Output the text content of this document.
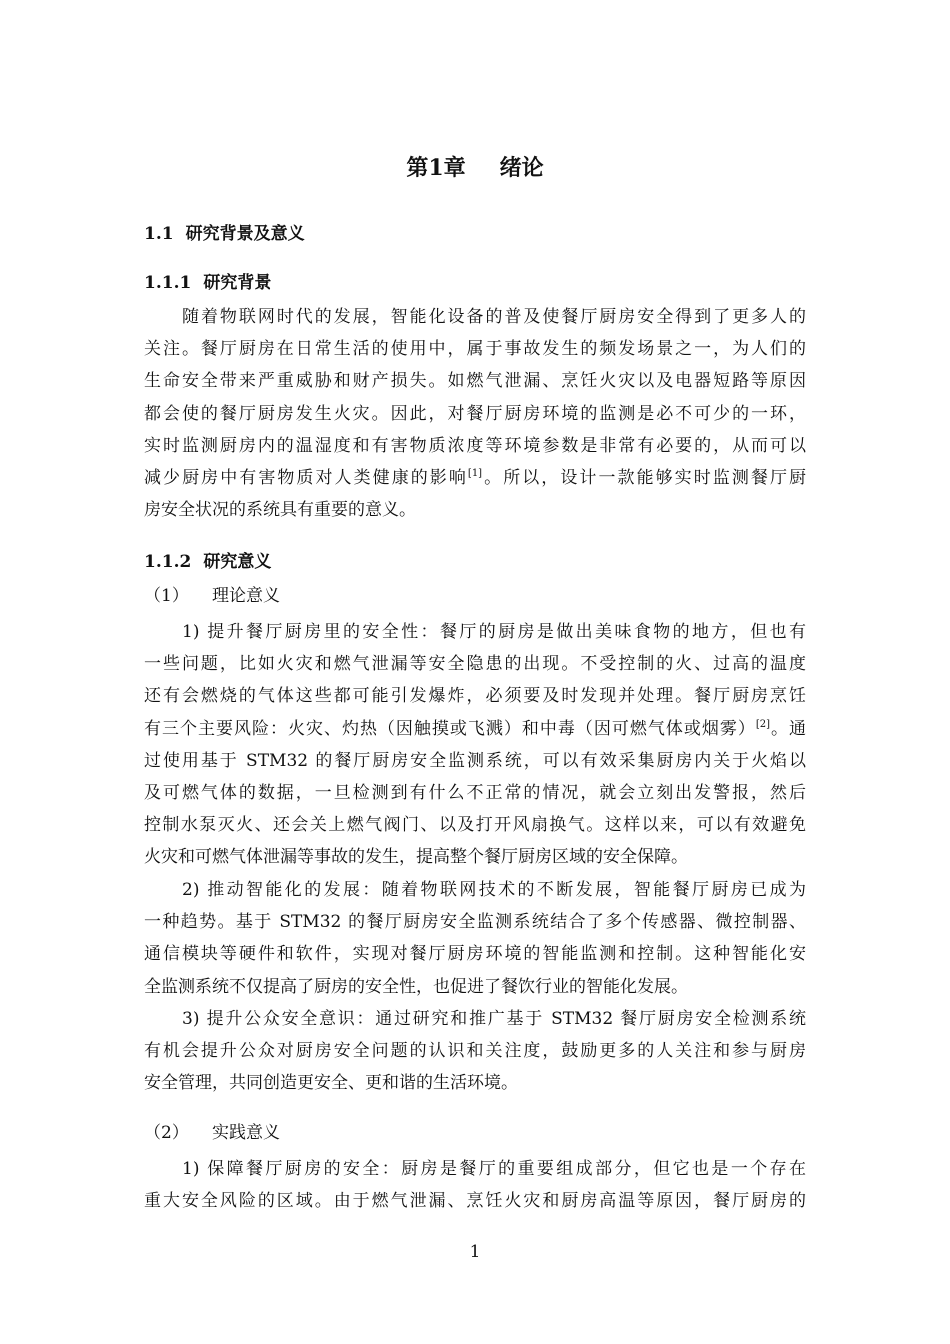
第1章 绪论
1.1 研究背景及意义
1.1.1 研究背景
随着物联网时代的发展，智能化设备的普及使餐厅厨房安全得到了更多人的
关注。餐厅厨房在日常生活的使用中，属于事故发生的频发场景之一，为人们的
生命安全带来严重威胁和财产损失。如燃气泄漏、烹饪火灾以及电器短路等原因
都会使的餐厅厨房发生火灾。因此，对餐厅厨房环境的监测是必不可少的一环，
实时监测厨房内的温湿度和有害物质浓度等环境参数是非常有必要的，从而可以
减少厨房中有害物质对人类健康的影响[1]。所以，设计一款能够实时监测餐厅厨
房安全状况的系统具有重要的意义。
1.1.2 研究意义
（1） 理论意义
1) 提升餐厅厨房里的安全性：餐厅的厨房是做出美味食物的地方，但也有
一些问题，比如火灾和燃气泄漏等安全隐患的出现。不受控制的火、过高的温度
还有会燃烧的气体这些都可能引发爆炸，必须要及时发现并处理。餐厅厨房烹饪
有三个主要风险：火灾、灼热（因触摸或飞溅）和中毒（因可燃气体或烟雾）[2]。通
过使用基于 STM32 的餐厅厨房安全监测系统，可以有效采集厨房内关于火焰以
及可燃气体的数据，一旦检测到有什么不正常的情况，就会立刻出发警报，然后
控制水泵灭火、还会关上燃气阀门、以及打开风扇换气。这样以来，可以有效避免
火灾和可燃气体泄漏等事故的发生，提高整个餐厅厨房区域的安全保障。
2) 推动智能化的发展：随着物联网技术的不断发展，智能餐厅厨房已成为
一种趋势。基于 STM32 的餐厅厨房安全监测系统结合了多个传感器、微控制器、
通信模块等硬件和软件，实现对餐厅厨房环境的智能监测和控制。这种智能化安
全监测系统不仅提高了厨房的安全性，也促进了餐饮行业的智能化发展。
3) 提升公众安全意识：通过研究和推广基于 STM32 餐厅厨房安全检测系统
有机会提升公众对厨房安全问题的认识和关注度，鼓励更多的人关注和参与厨房
安全管理，共同创造更安全、更和谐的生活环境。
（2） 实践意义
1) 保障餐厅厨房的安全：厨房是餐厅的重要组成部分，但它也是一个存在
重大安全风险的区域。由于燃气泄漏、烹饪火灾和厨房高温等原因，餐厅厨房的
1
